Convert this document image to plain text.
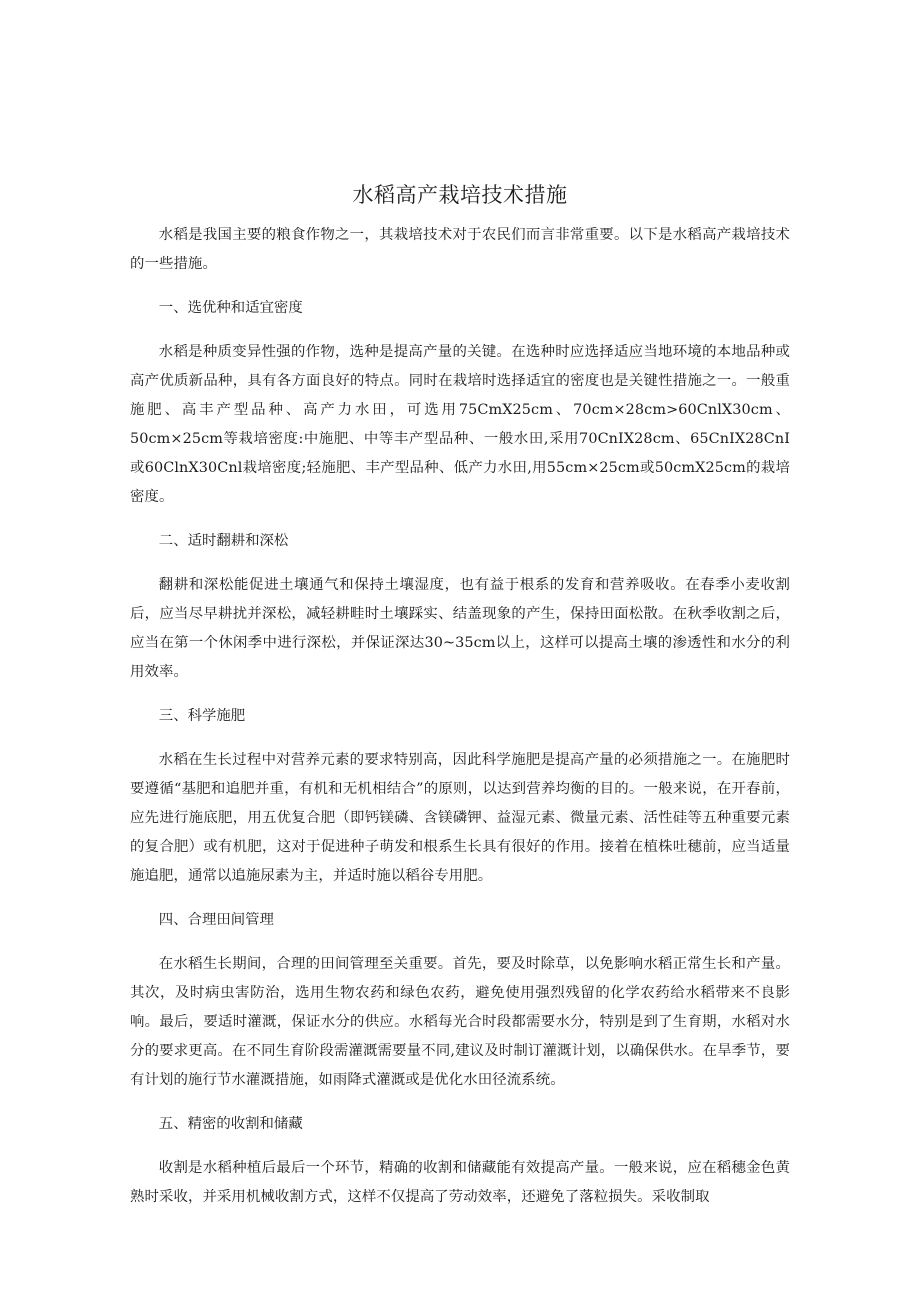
水稻高产栽培技术措施

水稻是我国主要的粮食作物之一，其栽培技术对于农民们而言非常重要。以下是水稻高产栽培技术的一些措施。

一、选优种和适宜密度

水稻是种质变异性强的作物，选种是提高产量的关键。在选种时应选择适应当地环境的本地品种或高产优质新品种，具有各方面良好的特点。同时在栽培时选择适宜的密度也是关键性措施之一。一般重施肥、高丰产型品种、高产力水田，可选用75CmX25cm、70cm×28cm>60CnlX30cm、50cm×25cm等栽培密度:中施肥、中等丰产型品种、一般水田,采用70CnIX28cm、65CnIX28CnI或60ClnX30Cnl栽培密度;轻施肥、丰产型品种、低产力水田,用55cm×25cm或50cmX25cm的栽培密度。

二、适时翻耕和深松

翻耕和深松能促进土壤通气和保持土壤湿度，也有益于根系的发育和营养吸收。在春季小麦收割后，应当尽早耕扰并深松，减轻耕畦时土壤踩实、结盖现象的产生，保持田面松散。在秋季收割之后，应当在第一个休闲季中进行深松，并保证深达30~35cm以上，这样可以提高土壤的渗透性和水分的利用效率。

三、科学施肥

水稻在生长过程中对营养元素的要求特别高，因此科学施肥是提高产量的必须措施之一。在施肥时要遵循“基肥和追肥并重，有机和无机相结合”的原则，以达到营养均衡的目的。一般来说，在开春前，应先进行施底肥，用五优复合肥（即钙镁磷、含镁磷钾、益湿元素、微量元素、活性硅等五种重要元素的复合肥）或有机肥，这对于促进种子萌发和根系生长具有很好的作用。接着在植株吐穗前，应当适量施追肥，通常以追施尿素为主，并适时施以稻谷专用肥。

四、合理田间管理

在水稻生长期间，合理的田间管理至关重要。首先，要及时除草，以免影响水稻正常生长和产量。其次，及时病虫害防治，选用生物农药和绿色农药，避免使用强烈残留的化学农药给水稻带来不良影响。最后，要适时灌溉，保证水分的供应。水稻每光合时段都需要水分，特别是到了生育期，水稻对水分的要求更高。在不同生育阶段需灌溉需要量不同,建议及时制订灌溉计划，以确保供水。在旱季节，要有计划的施行节水灌溉措施，如雨降式灌溉或是优化水田径流系统。

五、精密的收割和储藏

收割是水稻种植后最后一个环节，精确的收割和储藏能有效提高产量。一般来说，应在稻穗金色黄熟时采收，并采用机械收割方式，这样不仅提高了劳动效率，还避免了落粒损失。采收制取
